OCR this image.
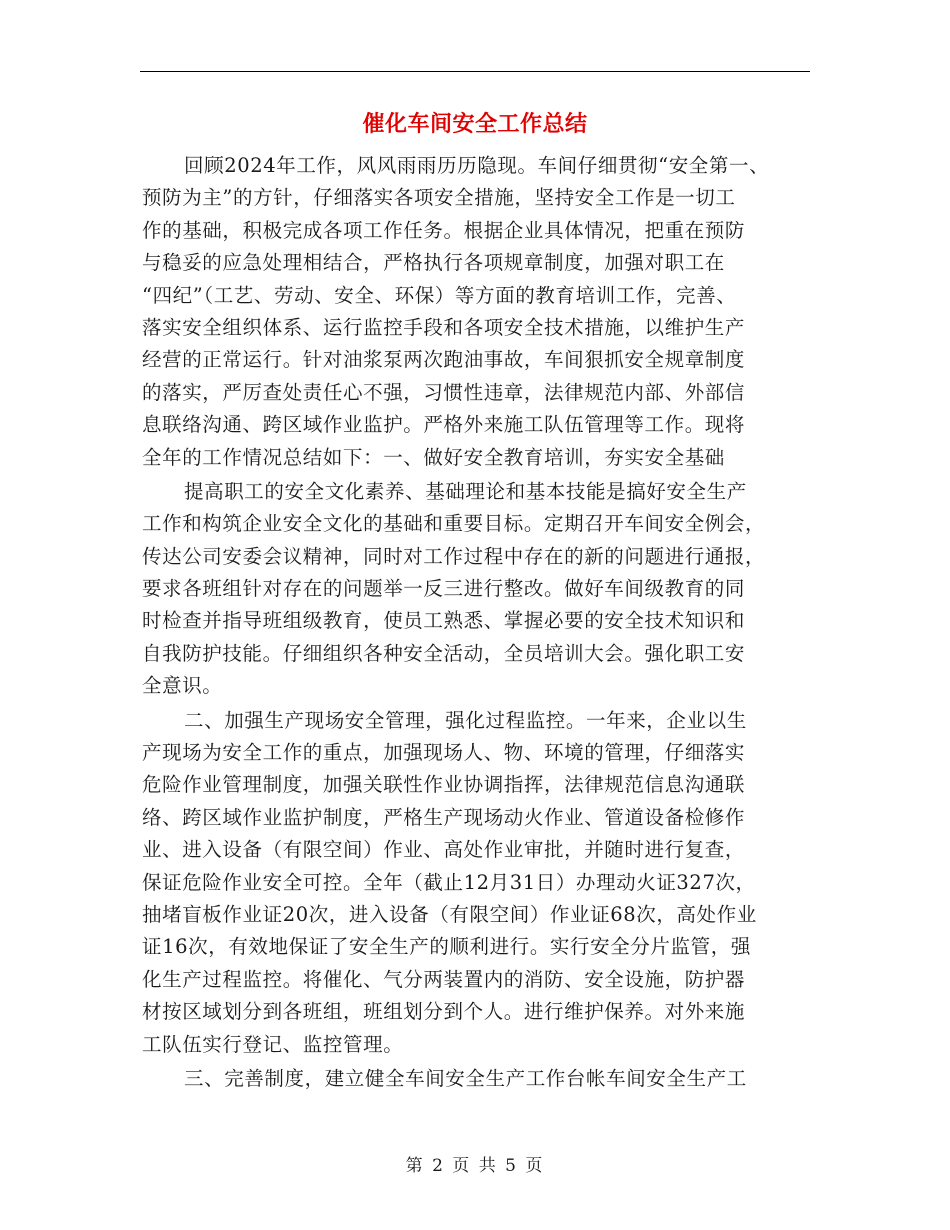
催化车间安全工作总结
回顾2024年工作，风风雨雨历历隐现。车间仔细贯彻“安全第一、
预防为主”的方针，仔细落实各项安全措施，坚持安全工作是一切工
作的基础，积极完成各项工作任务。根据企业具体情况，把重在预防
与稳妥的应急处理相结合，严格执行各项规章制度，加强对职工在
“四纪”（工艺、劳动、安全、环保）等方面的教育培训工作，完善、
落实安全组织体系、运行监控手段和各项安全技术措施，以维护生产
经营的正常运行。针对油浆泵两次跑油事故，车间狠抓安全规章制度
的落实，严厉查处责任心不强，习惯性违章，法律规范内部、外部信
息联络沟通、跨区域作业监护。严格外来施工队伍管理等工作。现将
全年的工作情况总结如下：一、做好安全教育培训，夯实安全基础
提高职工的安全文化素养、基础理论和基本技能是搞好安全生产
工作和构筑企业安全文化的基础和重要目标。定期召开车间安全例会，
传达公司安委会议精神，同时对工作过程中存在的新的问题进行通报，
要求各班组针对存在的问题举一反三进行整改。做好车间级教育的同
时检查并指导班组级教育，使员工熟悉、掌握必要的安全技术知识和
自我防护技能。仔细组织各种安全活动，全员培训大会。强化职工安
全意识。
二、加强生产现场安全管理，强化过程监控。一年来，企业以生
产现场为安全工作的重点，加强现场人、物、环境的管理，仔细落实
危险作业管理制度，加强关联性作业协调指挥，法律规范信息沟通联
络、跨区域作业监护制度，严格生产现场动火作业、管道设备检修作
业、进入设备（有限空间）作业、高处作业审批，并随时进行复查，
保证危险作业安全可控。全年（截止12月31日）办理动火证327次，
抽堵盲板作业证20次，进入设备（有限空间）作业证68次，高处作业
证16次，有效地保证了安全生产的顺利进行。实行安全分片监管，强
化生产过程监控。将催化、气分两装置内的消防、安全设施，防护器
材按区域划分到各班组，班组划分到个人。进行维护保养。对外来施
工队伍实行登记、监控管理。
三、完善制度，建立健全车间安全生产工作台帐车间安全生产工
第 2 页 共 5 页
